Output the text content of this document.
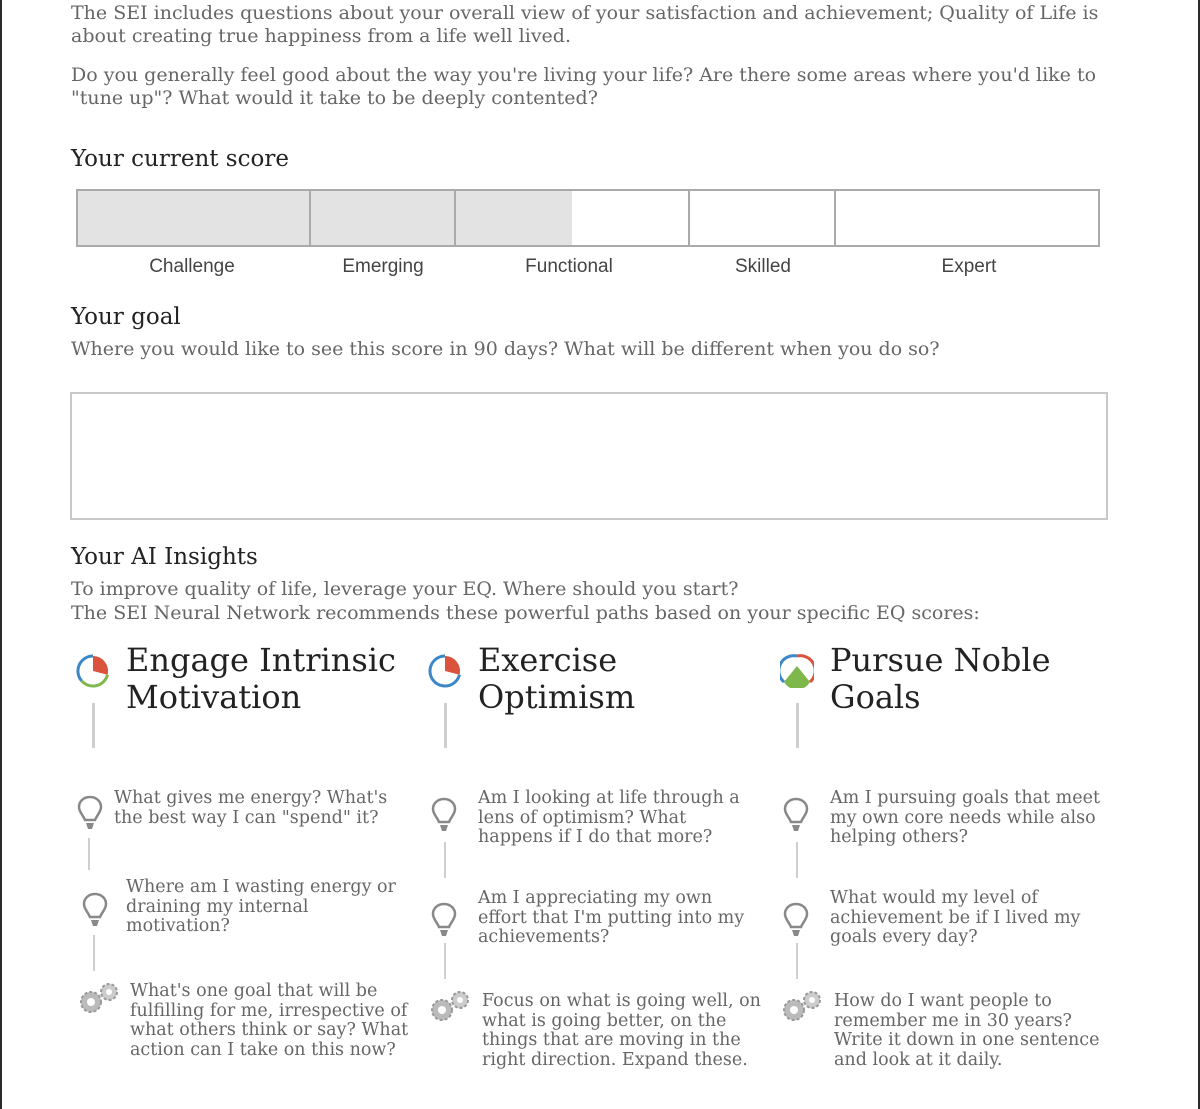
The SEI includes questions about your overall view of your satisfaction and achievement; Quality of Life is about creating true happiness from a life well lived.

Do you generally feel good about the way you're living your life? Are there some areas where you'd like to "tune up"? What would it take to be deeply contented?

Your current score
Challenge	Emerging	Functional	Skilled	Expert
Your goal

Where you would like to see this score in 90 days? What will be different when you do so?

Your AI Insights

To improve quality of life, leverage your EQ. Where should you start?

The SEI Neural Network recommends these powerful paths based on your specific EQ scores:

Engage Intrinsic Motivation

What gives me energy? What's the best way I can "spend" it?

Where am I wasting energy or draining my internal motivation?

What's one goal that will be fulfilling for me, irrespective of what others think or say? What action can I take on this now?

Exercise Optimism

Am I looking at life through a lens of optimism? What happens if I do that more?

Am I appreciating my own effort that I'm putting into my achievements?

Focus on what is going well, on what is going better, on the things that are moving in the right direction. Expand these.

Pursue Noble Goals

Am I pursuing goals that meet my own core needs while also helping others?

What would my level of achievement be if I lived my goals every day?

How do I want people to remember me in 30 years? Write it down in one sentence and look at it daily.
